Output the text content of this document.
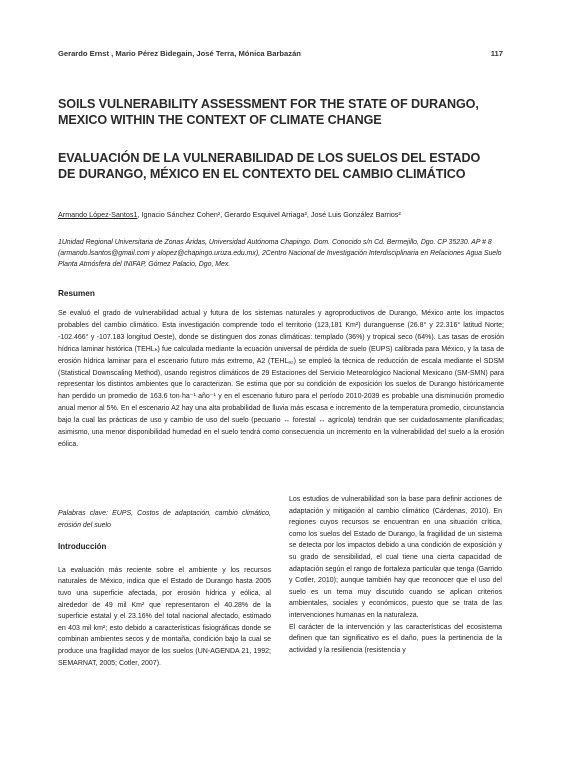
Gerardo Ernst , Mario Pérez Bidegain, José Terra, Mónica Barbazán	117
SOILS VULNERABILITY ASSESSMENT FOR THE STATE OF DURANGO, MEXICO WITHIN THE CONTEXT OF CLIMATE CHANGE
EVALUACIÓN DE LA VULNERABILIDAD DE LOS SUELOS DEL ESTADO DE DURANGO, MÉXICO EN EL CONTEXTO DEL CAMBIO CLIMÁTICO
Armando López-Santos1, Ignacio Sánchez Cohen², Gerardo Esquivel Arriaga², José Luis González Barrios²
1Unidad Regional Universitaria de Zonas Áridas, Universidad Autónoma Chapingo. Dom. Conocido s/n Cd. Bermejillo, Dgo. CP 35230. AP # 8 (armando.lsantos@gmail.com y alopez@chapingo.uruza.edu.mx), 2Centro Nacional de Investigación Interdisciplinaria en Relaciones Agua Suelo Planta Atmósfera del INIFAP, Gómez Palacio, Dgo, Mex.
Resumen
Se evaluó el grado de vulnerabilidad actual y futura de los sistemas naturales y agroproductivos de Durango, México ante los impactos probables del cambio climático. Esta investigación comprende todo el territorio (123,181 Km²) duranguense (26.8° y 22.316° latitud Norte; -102.466° y -107.183 longitud Oeste), donde se distinguen dos zonas climáticas: templado (36%) y tropical seco (64%). Las tasas de erosión hídrica laminar histórica (TEHLₕ) fue calculada mediante la ecuación universal de pérdida de suelo (EUPS) calibrada para México, y la tasa de erosión hídrica laminar para el escenario futuro más extremo, A2 (TEHLₐ₂) se empleó la técnica de reducción de escala mediante el SDSM (Statistical Downscaling Method), usando registros climáticos de 29 Estaciones del Servicio Meteorológico Nacional Mexicano (SM-SMN) para representar los distintos ambientes que lo caracterizan. Se estima que por su condición de exposición los suelos de Durango históricamente han perdido un promedio de 163.6 ton·ha⁻¹·año⁻¹ y en el escenario futuro para el período 2010-2039 es probable una disminución promedio anual menor al 5%. En el escenario A2 hay una alta probabilidad de lluvia más escasa e incremento de la temperatura promedio, circunstancia bajo la cual las prácticas de uso y cambio de uso del suelo (pecuario ↔ forestal ↔ agrícola) tendrán que ser cuidadosamente planificadas; asimismo, una menor disponibilidad humedad en el suelo tendrá como consecuencia un incremento en la vulnerabilidad del suelo a la erosión eólica.

Palabras clave: EUPS, Costos de adaptación, cambio climático, erosión del suelo

Introducción

La evaluación más reciente sobre el ambiente y los recursos naturales de México, indica que el Estado de Durango hasta 2005 tuvo una superficie afectada, por erosión hídrica y eólica, al alrededor de 49 mil Km² que representaron el 40.28% de la superficie estatal y el 23.16% del total nacional afectado, estimado en 403 mil km²; esto debido a características fisiográficas donde se combinan ambientes secos y de montaña, condición bajo la cual se produce una fragilidad mayor de los suelos (UN-AGENDA 21, 1992; SEMARNAT, 2005; Cotler, 2007).

Los estudios de vulnerabilidad son la base para definir acciones de adaptación y mitigación al cambio climático (Cárdenas, 2010). En regiones cuyos recursos se encuentran en una situación crítica, como los suelos del Estado de Durango, la fragilidad de un sistema se detecta por los impactos debido a una condición de exposición y su grado de sensibilidad, el cual tiene una cierta capacidad de adaptación según el rango de fortaleza particular que tenga (Garrido y Cotler, 2010); aunque también hay que reconocer que el uso del suelo es un tema muy discutido cuando se aplican criterios ambientales, sociales y económicos, puesto que se trata de las intervenciones humanas en la naturaleza.

El carácter de la intervención y las características del ecosistema definen que tan significativo es el daño, pues la pertinencia de la actividad y la resiliencia (resistencia y
